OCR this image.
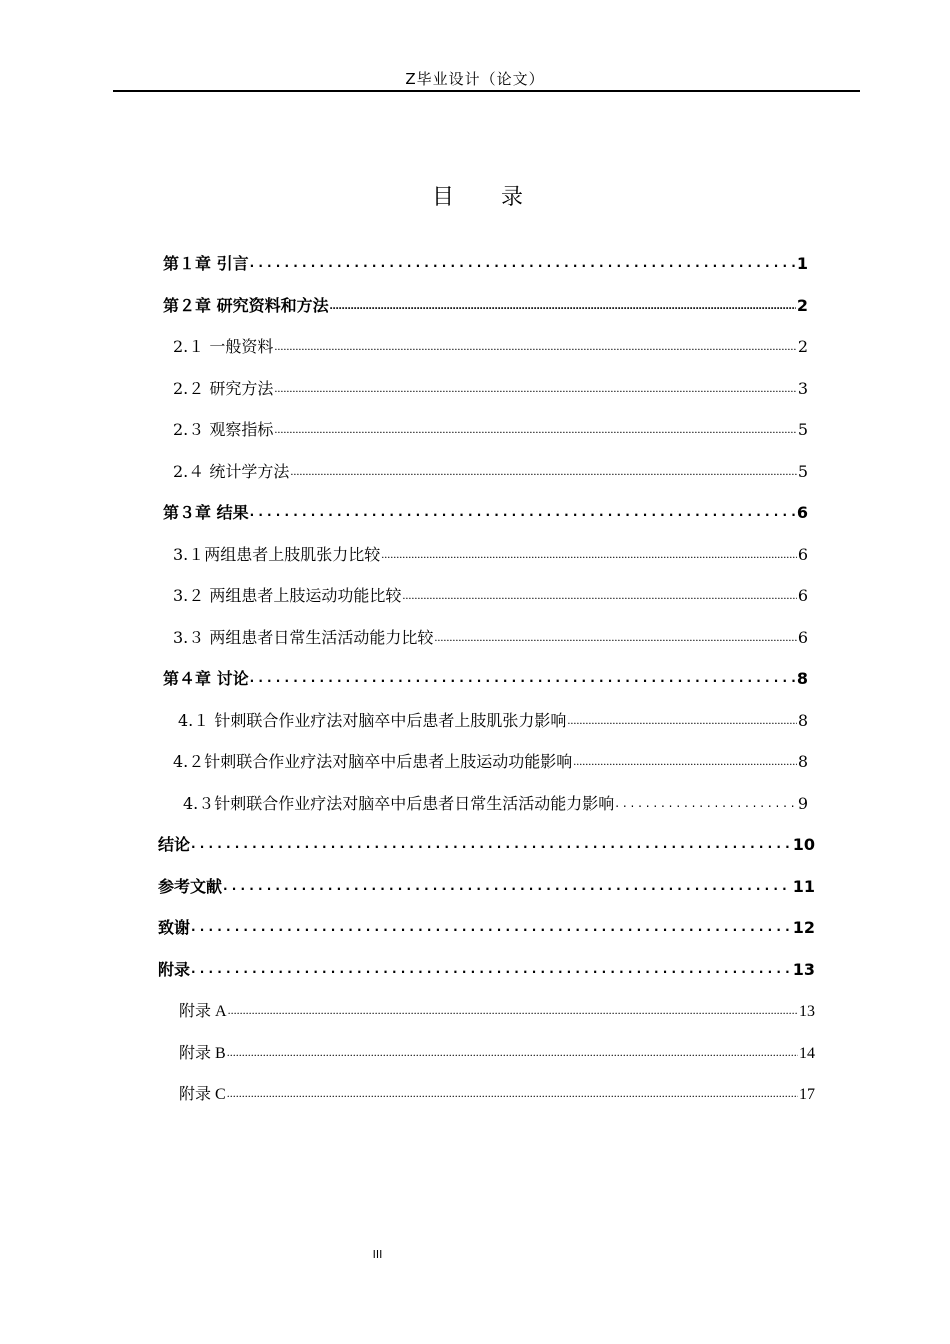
Z毕业设计（论文）
目 录
第１章 引言 . . .	1
第２章 研究资料和方法 .....	2
2.１ 一般资料 .....	2
2.２ 研究方法 .....	3
2.３ 观察指标 .....	5
2.４ 统计学方法 .....	5
第３章 结果 . . .	6
3.１两组患者上肢肌张力比较 .....	6
3.２ 两组患者上肢运动功能比较 .....	6
3.３ 两组患者日常生活活动能力比较 .....	6
第４章 讨论 . . .	8
4.１ 针刺联合作业疗法对脑卒中后患者上肢肌张力影响 .....	8
4.２针刺联合作业疗法对脑卒中后患者上肢运动功能影响 .....	8
4.３针刺联合作业疗法对脑卒中后患者日常生活活动能力影响 . . .	9
结论 . . .	10
参考文献 . . .	11
致谢 . . .	12
附录 . . .	13
附录 A .....	13
附录 B .....	14
附录 C .....	17
III
